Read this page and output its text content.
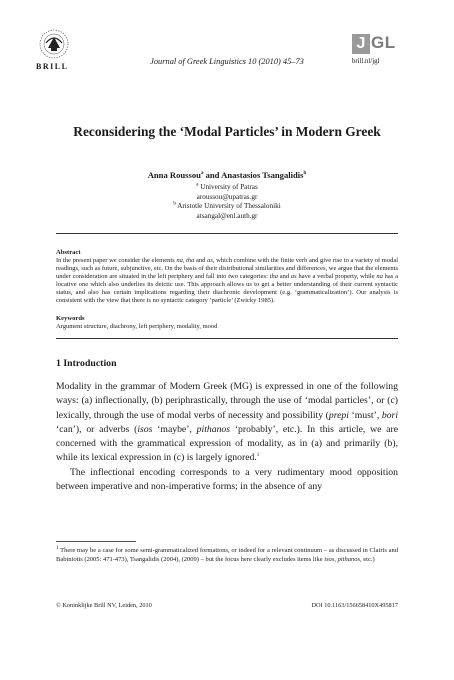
BRILL
Journal of Greek Linguistics 10 (2010) 45–73
J GL
brill.nl/jgl
Reconsidering the ‘Modal Particles’ in Modern Greek
Anna Roussou$^a$ and Anastasios Tsangalidis$^b$
$^a$ University of Patras
aroussou@upatras.gr
$^b$ Aristotle University of Thessaloniki
atsangal@enl.auth.gr
Abstract
In the present paper we consider the elements na, tha and as, which combine with the finite verb and give rise to a variety of modal readings, such as future, subjunctive, etc. On the basis of their distributional similarities and differences, we argue that the elements under consideration are situated in the left periphery and fall into two categories: tha and as have a verbal property, while na has a locative one which also underlies its deictic use. This approach allows us to get a better understanding of their current syntactic status, and also has certain implications regarding their diachronic development (e.g. ‘grammaticalization’). Our analysis is consistent with the view that there is no syntactic category ‘particle’ (Zwicky 1985).
Keywords
Argument structure, diachrony, left periphery, modality, mood
1 Introduction

Modality in the grammar of Modern Greek (MG) is expressed in one of the following ways: (a) inflectionally, (b) periphrastically, through the use of ‘modal particles’, or (c) lexically, through the use of modal verbs of necessity and possibility (prepi ‘must’, bori ‘can’), or adverbs (isos ‘maybe’, pithanos ‘probably’, etc.). In this article, we are concerned with the grammatical expression of modality, as in (a) and primarily (b), while its lexical expression in (c) is largely ignored.$^1$

The inflectional encoding corresponds to a very rudimentary mood opposition between imperative and non-imperative forms; in the absence of any

$^1$ There may be a case for some semi-grammaticalized formations, or indeed for a relevant continuum – as discussed in Clairis and Babiniotis (2005: 471-473), Tsangalidis (2004), (2009) – but the focus here clearly excludes items like isos, pithanos, etc.)
© Koninklijke Brill NV, Leiden, 2010	DOI 10.1163/156658410X495817
